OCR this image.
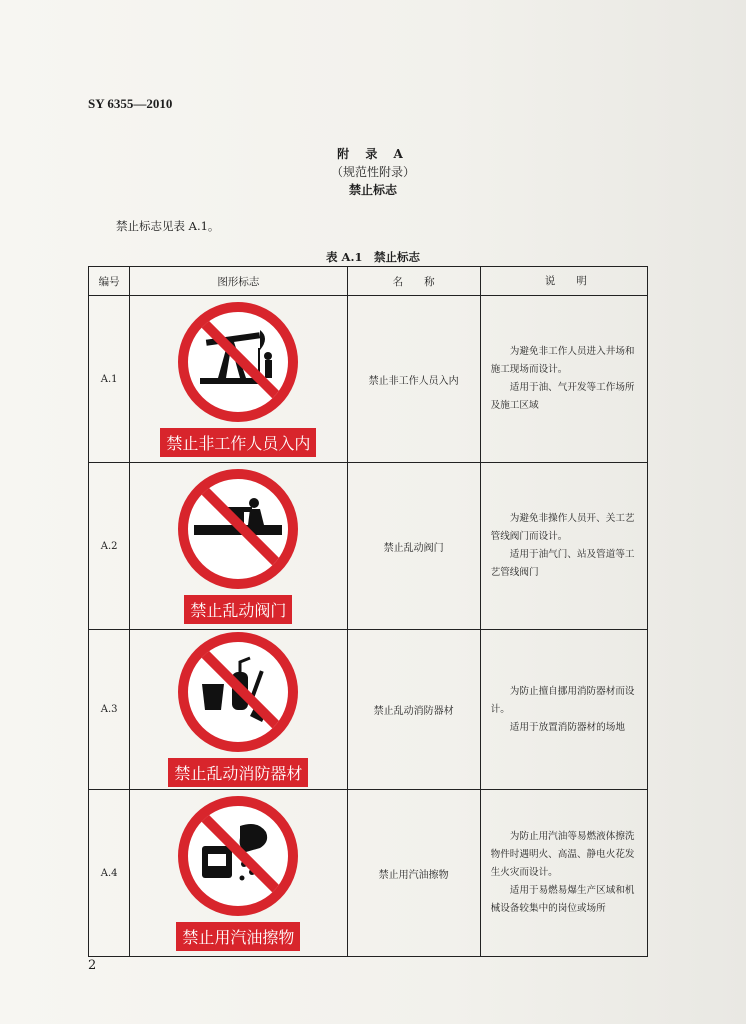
SY 6355—2010
附 录 A
（规范性附录）
禁止标志
禁止标志见表 A.1。
表 A.1　禁止标志
编号	图形标志	名　　称	说　　明
A.1	禁止非工作人员入内	禁止非工作人员入内	为避免非工作人员进入井场和施工现场而设计。

适用于油、气开发等工作场所及施工区域

A.2	禁止乱动阀门	禁止乱动阀门	为避免非操作人员开、关工艺管线阀门而设计。

适用于油气门、站及管道等工艺管线阀门

A.3	禁止乱动消防器材	禁止乱动消防器材	为防止擅自挪用消防器材而设计。

适用于放置消防器材的场地

A.4	禁止用汽油擦物	禁止用汽油擦物	为防止用汽油等易燃液体擦洗物件时遇明火、高温、静电火花发生火灾而设计。

适用于易燃易爆生产区域和机械设备较集中的岗位或场所

2
